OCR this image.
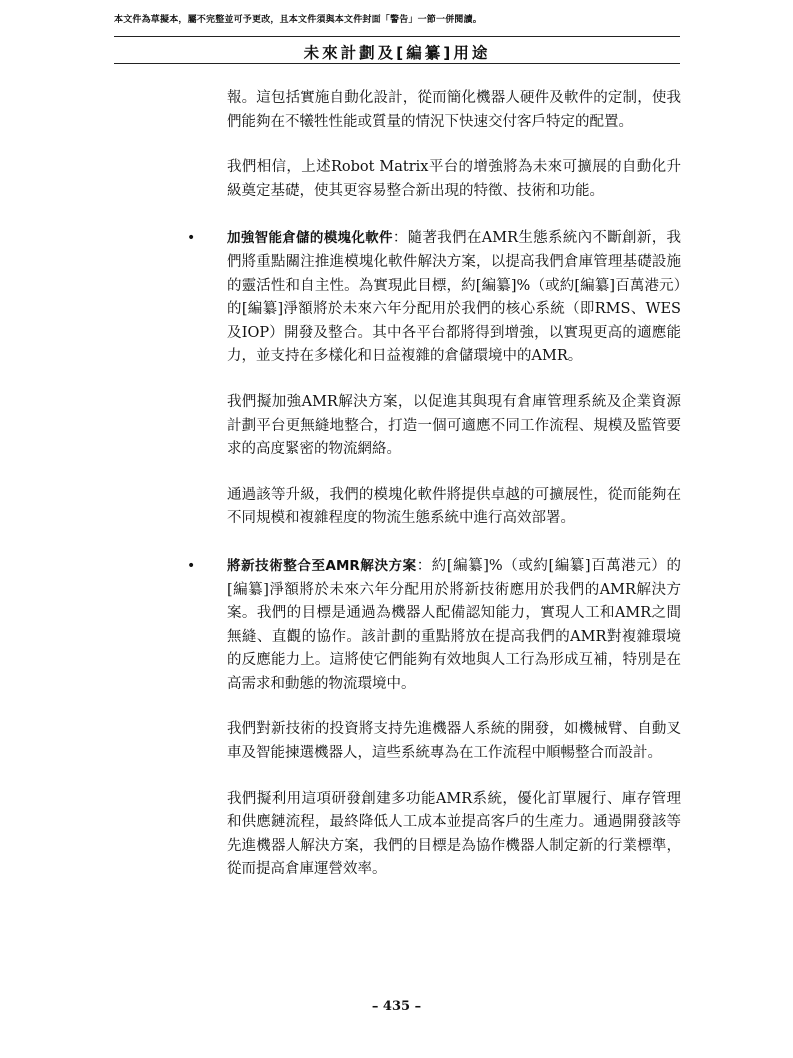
本文件為草擬本，屬不完整並可予更改，且本文件須與本文件封面「警告」一節一併閱讀。
未來計劃及[編纂]用途

報。這包括實施自動化設計，從而簡化機器人硬件及軟件的定制，使我們能夠在不犧牲性能或質量的情況下快速交付客戶特定的配置。

我們相信，上述Robot Matrix平台的增強將為未來可擴展的自動化升級奠定基礎，使其更容易整合新出現的特徵、技術和功能。

• 加強智能倉儲的模塊化軟件：隨著我們在AMR生態系統內不斷創新，我們將重點關注推進模塊化軟件解決方案，以提高我們倉庫管理基礎設施的靈活性和自主性。為實現此目標，約[編纂]%（或約[編纂]百萬港元）的[編纂]淨額將於未來六年分配用於我們的核心系統（即RMS、WES及IOP）開發及整合。其中各平台都將得到增強，以實現更高的適應能力，並支持在多樣化和日益複雜的倉儲環境中的AMR。

我們擬加強AMR解決方案，以促進其與現有倉庫管理系統及企業資源計劃平台更無縫地整合，打造一個可適應不同工作流程、規模及監管要求的高度緊密的物流網絡。

通過該等升級，我們的模塊化軟件將提供卓越的可擴展性，從而能夠在不同規模和複雜程度的物流生態系統中進行高效部署。

• 將新技術整合至AMR解決方案：約[編纂]%（或約[編纂]百萬港元）的[編纂]淨額將於未來六年分配用於將新技術應用於我們的AMR解決方案。我們的目標是通過為機器人配備認知能力，實現人工和AMR之間無縫、直觀的協作。該計劃的重點將放在提高我們的AMR對複雜環境的反應能力上。這將使它們能夠有效地與人工行為形成互補，特別是在高需求和動態的物流環境中。

我們對新技術的投資將支持先進機器人系統的開發，如機械臂、自動叉車及智能揀選機器人，這些系統專為在工作流程中順暢整合而設計。

我們擬利用這項研發創建多功能AMR系統，優化訂單履行、庫存管理和供應鏈流程，最終降低人工成本並提高客戶的生產力。通過開發該等先進機器人解決方案，我們的目標是為協作機器人制定新的行業標準，從而提高倉庫運營效率。

– 435 –
